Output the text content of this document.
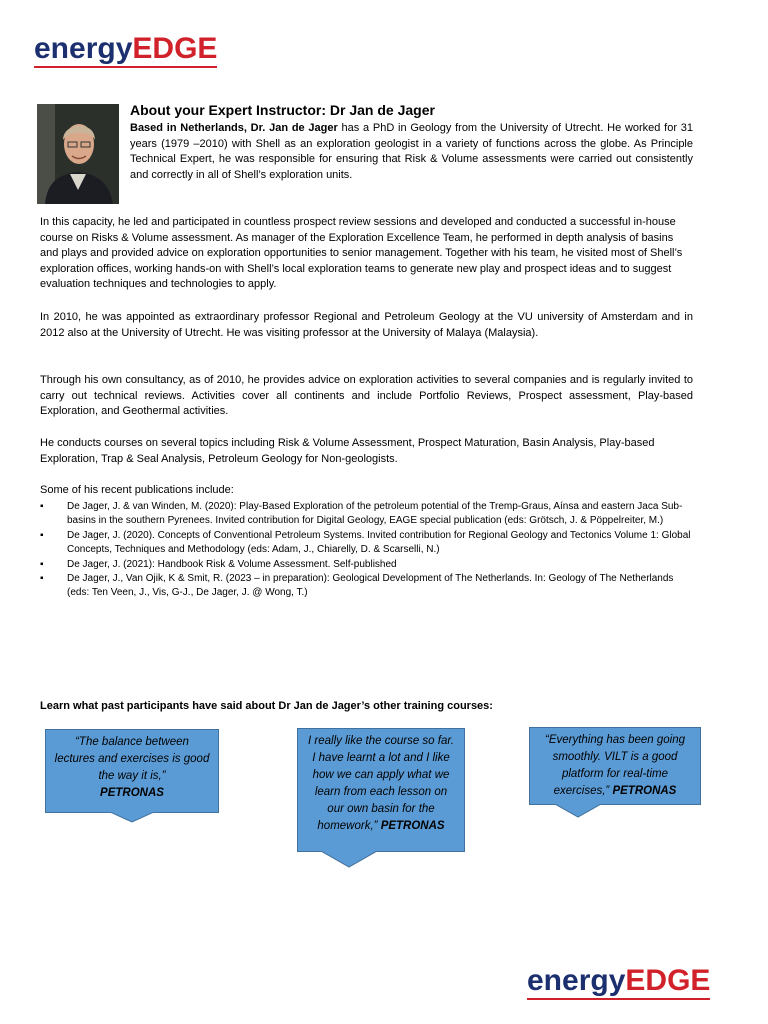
energyEDGE
About your Expert Instructor: Dr Jan de Jager

Based in Netherlands, Dr. Jan de Jager has a PhD in Geology from the University of Utrecht. He worked for 31 years (1979 –2010) with Shell as an exploration geologist in a variety of functions across the globe. As Principle Technical Expert, he was responsible for ensuring that Risk & Volume assessments were carried out consistently and correctly in all of Shell’s exploration units.

In this capacity, he led and participated in countless prospect review sessions and developed and conducted a successful in-house course on Risks & Volume assessment. As manager of the Exploration Excellence Team, he performed in depth analysis of basins and plays and provided advice on exploration opportunities to senior management. Together with his team, he visited most of Shell’s exploration offices, working hands-on with Shell’s local exploration teams to generate new play and prospect ideas and to suggest evaluation techniques and technologies to apply.

In 2010, he was appointed as extraordinary professor Regional and Petroleum Geology at the VU university of Amsterdam and in 2012 also at the University of Utrecht. He was visiting professor at the University of Malaya (Malaysia).

Through his own consultancy, as of 2010, he provides advice on exploration activities to several companies and is regularly invited to carry out technical reviews. Activities cover all continents and include Portfolio Reviews, Prospect assessment, Play-based Exploration, and Geothermal activities.

He conducts courses on several topics including Risk & Volume Assessment, Prospect Maturation, Basin Analysis, Play-based Exploration, Trap & Seal Analysis, Petroleum Geology for Non-geologists.

Some of his recent publications include:
▪ De Jager, J. & van Winden, M. (2020): Play-Based Exploration of the petroleum potential of the Tremp-Graus, Aínsa and eastern Jaca Sub-basins in the southern Pyrenees. Invited contribution for Digital Geology, EAGE special publication (eds: Grötsch, J. & Pöppelreiter, M.)
▪ De Jager, J. (2020). Concepts of Conventional Petroleum Systems. Invited contribution for Regional Geology and Tectonics Volume 1: Global Concepts, Techniques and Methodology (eds: Adam, J., Chiarelly, D. & Scarselli, N.)
▪ De Jager, J. (2021): Handbook Risk & Volume Assessment. Self-published
▪ De Jager, J., Van Ojik, K & Smit, R. (2023 – in preparation): Geological Development of The Netherlands. In: Geology of The Netherlands (eds: Ten Veen, J., Vis, G-J., De Jager, J. @ Wong, T.)
Learn what past participants have said about Dr Jan de Jager’s other training courses:
“The balance between lectures and exercises is good the way it is,”
PETRONAS
I really like the course so far. I have learnt a lot and I like how we can apply what we learn from each lesson on our own basin for the homework,” PETRONAS
“Everything has been going smoothly. VILT is a good platform for real-time exercises,” PETRONAS
energyEDGE
